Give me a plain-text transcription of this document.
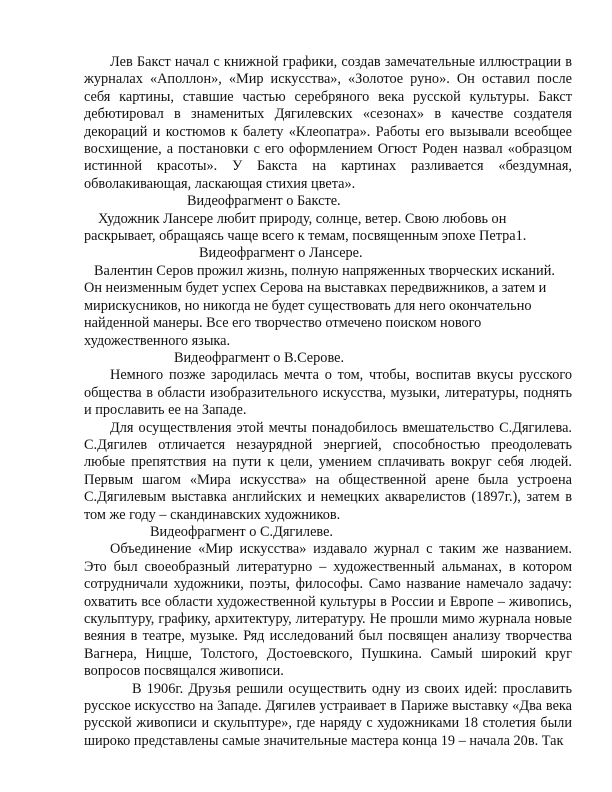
Лев Бакст начал с книжной графики, создав замечательные иллюстрации в журналах «Аполлон», «Мир искусства», «Золотое руно». Он оставил после себя картины, ставшие частью серебряного века русской культуры. Бакст дебютировал в знаменитых Дягилевских «сезонах» в качестве создателя декораций и костюмов к балету «Клеопатра». Работы его вызывали всеобщее восхищение, а постановки с его оформлением Огюст Роден назвал «образцом истинной красоты». У Бакста на картинах разливается «бездумная, обволакивающая, ласкающая стихия цвета».

Видеофрагмент о Баксте.

Художник Лансере любит природу, солнце, ветер. Свою любовь он раскрывает, обращаясь чаще всего к темам, посвященным эпохе Петра1.

Видеофрагмент о Лансере.

Валентин Серов прожил жизнь, полную напряженных творческих исканий. Он неизменным будет успех Серова на выставках передвижников, а затем и мирискусников, но никогда не будет существовать для него окончательно найденной манеры. Все его творчество отмечено поиском нового художественного языка.

Видеофрагмент о В.Серове.

Немного позже зародилась мечта о том, чтобы, воспитав вкусы русского общества в области изобразительного искусства, музыки, литературы, поднять и прославить ее на Западе.

Для осуществления этой мечты понадобилось вмешательство С.Дягилева. С.Дягилев отличается незаурядной энергией, способностью преодолевать любые препятствия на пути к цели, умением сплачивать вокруг себя людей. Первым шагом «Мира искусства» на общественной арене была устроена С.Дягилевым выставка английских и немецких акварелистов (1897г.), затем в том же году – скандинавских художников.

Видеофрагмент о С.Дягилеве.

Объединение «Мир искусства» издавало журнал с таким же названием. Это был своеобразный литературно – художественный альманах, в котором сотрудничали художники, поэты, философы. Само название намечало задачу: охватить все области художественной культуры в России и Европе – живопись, скульптуру, графику, архитектуру, литературу. Не прошли мимо журнала новые веяния в театре, музыке. Ряд исследований был посвящен анализу творчества Вагнера, Ницше, Толстого, Достоевского, Пушкина. Самый широкий круг вопросов посвящался живописи.

В 1906г. Друзья решили осуществить одну из своих идей: прославить русское искусство на Западе. Дягилев устраивает в Париже выставку «Два века русской живописи и скульптуре», где наряду с художниками 18 столетия были широко представлены самые значительные мастера конца 19 – начала 20в. Так
